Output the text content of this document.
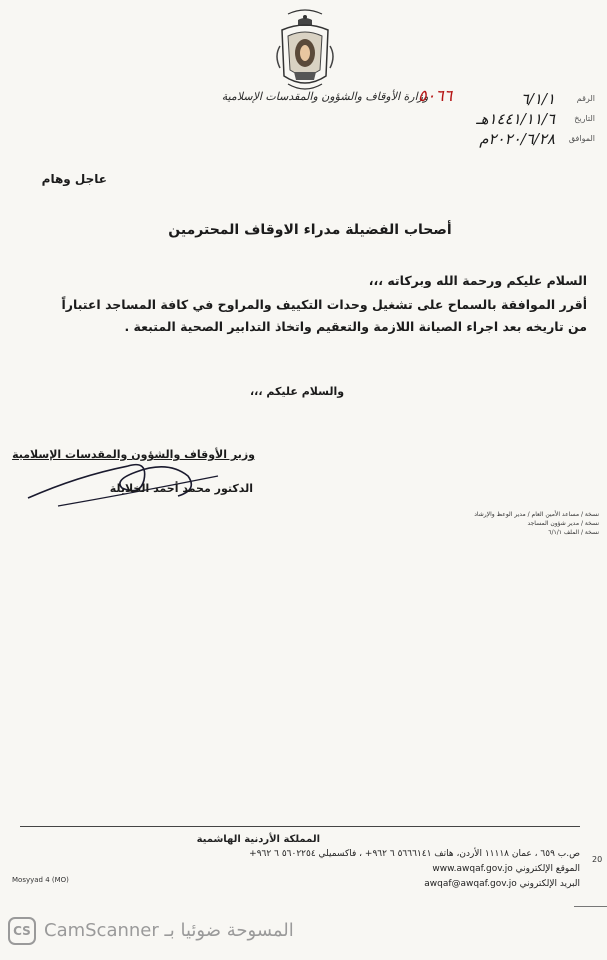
وزارة الأوقاف والشؤون والمقدسات الإسلامية
٥٠٦٦	الرقم
٦/١/١
التاريخ
١٤٤١/١١/٦هـ
الموافق
٢٠٢٠/٦/٢٨م
عاجل وهام
أصحاب الفضيلة مدراء الاوقاف المحترمين
السلام عليكم ورحمة الله وبركاته ،،،
أقرر الموافقة بالسماح على تشغيل وحدات التكييف والمراوح في كافة المساجد اعتباراً
من تاريخه بعد اجراء الصيانة اللازمة والتعقيم واتخاذ التدابير الصحية المتبعة .
والسلام عليكم ،،،
وزير الأوقاف والشؤون والمقدسات الإسلامية
الدكتور محمد أحمد الخلايلة
نسخة / مساعد الأمين العام / مدير الوعظ والإرشاد
نسخة / مدير شؤون المساجد
نسخة / الملف ٦/١/١
المملكة الأردنية الهاشمية
ص.ب ٦٥٩ ، عمان ١١١١٨ الأردن، هاتف ٥٦٦٦١٤١ ٦ ٩٦٢+ ، فاكسميلي ٥٦٠٢٢٥٤ ٦ ٩٦٢+
الموقع الإلكتروني www.awqaf.gov.jo
البريد الإلكتروني awqaf@awqaf.gov.jo
Mosyyad 4 (MO)
20
CS المسوحة ضوئيا بـ CamScanner
